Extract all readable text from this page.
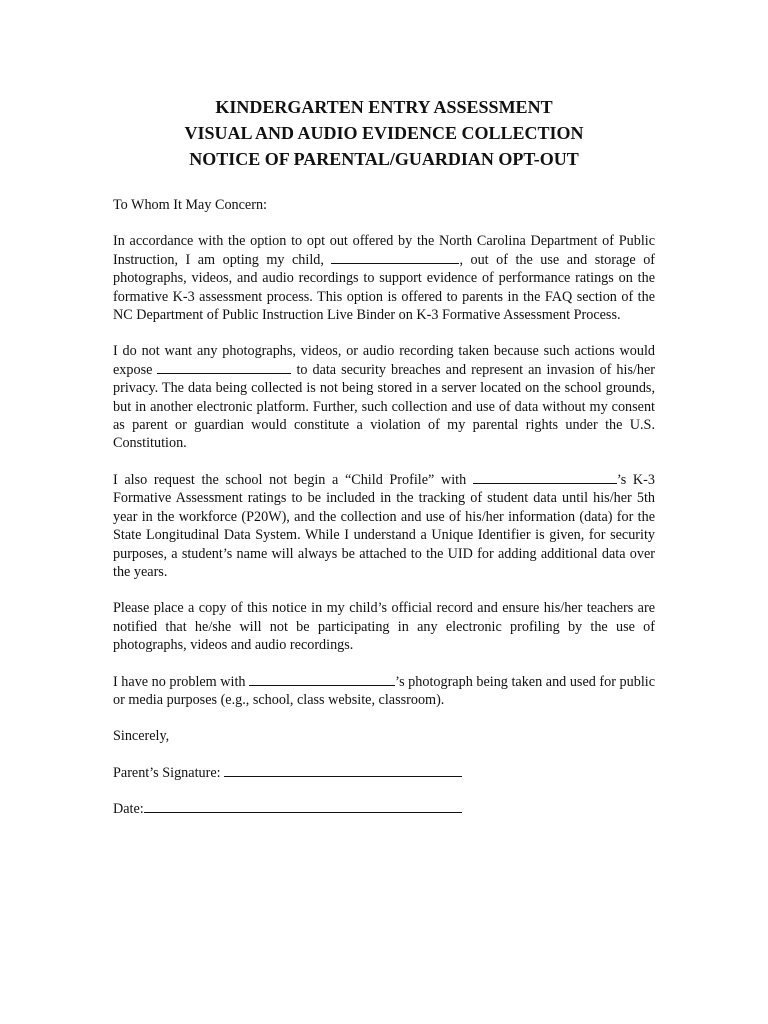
KINDERGARTEN ENTRY ASSESSMENT
VISUAL AND AUDIO EVIDENCE COLLECTION
NOTICE OF PARENTAL/GUARDIAN OPT-OUT

To Whom It May Concern:

In accordance with the option to opt out offered by the North Carolina Department of Public Instruction, I am opting my child,	, out of the use and storage of photographs, videos, and audio recordings to support evidence of performance ratings on the formative K-3 assessment process. This option is offered to parents in the FAQ section of the NC Department of Public Instruction Live Binder on K-3 Formative Assessment Process.

I do not want any photographs, videos, or audio recording taken because such actions would expose	to data security breaches and represent an invasion of his/her privacy. The data being collected is not being stored in a server located on the school grounds, but in another electronic platform. Further, such collection and use of data without my consent as parent or guardian would constitute a violation of my parental rights under the U.S. Constitution.

I also request the school not begin a “Child Profile” with	’s K-3 Formative Assessment ratings to be included in the tracking of student data until his/her 5th year in the workforce (P20W), and the collection and use of his/her information (data) for the State Longitudinal Data System. While I understand a Unique Identifier is given, for security purposes, a student’s name will always be attached to the UID for adding additional data over the years.

Please place a copy of this notice in my child’s official record and ensure his/her teachers are notified that he/she will not be participating in any electronic profiling by the use of photographs, videos and audio recordings.

I have no problem with	’s photograph being taken and used for public or media purposes (e.g., school, class website, classroom).

Sincerely,

Parent’s Signature:
Date:
